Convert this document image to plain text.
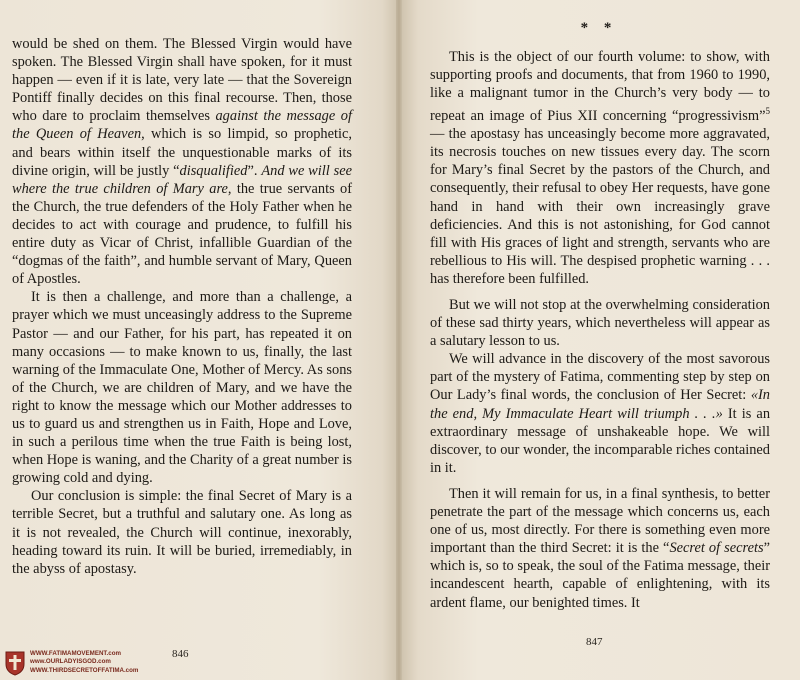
would be shed on them. The Blessed Virgin would have spoken. The Blessed Virgin shall have spoken, for it must happen — even if it is late, very late — that the Sovereign Pontiff finally decides on this final recourse. Then, those who dare to proclaim themselves against the message of the Queen of Heaven, which is so limpid, so prophetic, and bears within itself the unquestionable marks of its divine origin, will be justly “disqualified”. And we will see where the true children of Mary are, the true servants of the Church, the true defenders of the Holy Father when he decides to act with courage and prudence, to fulfill his entire duty as Vicar of Christ, infallible Guardian of the “dogmas of the faith”, and humble servant of Mary, Queen of Apostles.

It is then a challenge, and more than a challenge, a prayer which we must unceasingly address to the Supreme Pastor — and our Father, for his part, has repeated it on many occasions — to make known to us, finally, the last warning of the Immaculate One, Mother of Mercy. As sons of the Church, we are children of Mary, and we have the right to know the message which our Mother addresses to us to guard us and strengthen us in Faith, Hope and Love, in such a perilous time when the true Faith is being lost, when Hope is waning, and the Charity of a great number is growing cold and dying.

Our conclusion is simple: the final Secret of Mary is a terrible Secret, but a truthful and salutary one. As long as it is not revealed, the Church will continue, inexorably, heading toward its ruin. It will be buried, irremediably, in the abyss of apostasy.

846
WWW.FATIMAMOVEMENT.com
www.OURLADYISGOD.com
WWW.THIRDSECRETOFFATIMA.com
* *

This is the object of our fourth volume: to show, with supporting proofs and documents, that from 1960 to 1990, like a malignant tumor in the Church’s very body — to repeat an image of Pius XII concerning “progressivism”$^5$ — the apostasy has unceasingly become more aggravated, its necrosis touches on new tissues every day. The scorn for Mary’s final Secret by the pastors of the Church, and consequently, their refusal to obey Her requests, have gone hand in hand with their own increasingly grave deficiencies. And this is not astonishing, for God cannot fill with His graces of light and strength, servants who are rebellious to His will. The despised prophetic warning . . . has therefore been fulfilled.

But we will not stop at the overwhelming consideration of these sad thirty years, which nevertheless will appear as a salutary lesson to us.

We will advance in the discovery of the most savorous part of the mystery of Fatima, commenting step by step on Our Lady’s final words, the conclusion of Her Secret: «In the end, My Immaculate Heart will triumph . . .» It is an extraordinary message of unshakeable hope. We will discover, to our wonder, the incomparable riches contained in it.

Then it will remain for us, in a final synthesis, to better penetrate the part of the message which concerns us, each one of us, most directly. For there is something even more important than the third Secret: it is the “Secret of secrets” which is, so to speak, the soul of the Fatima message, their incandescent hearth, capable of enlightening, with its ardent flame, our benighted times. It

847
